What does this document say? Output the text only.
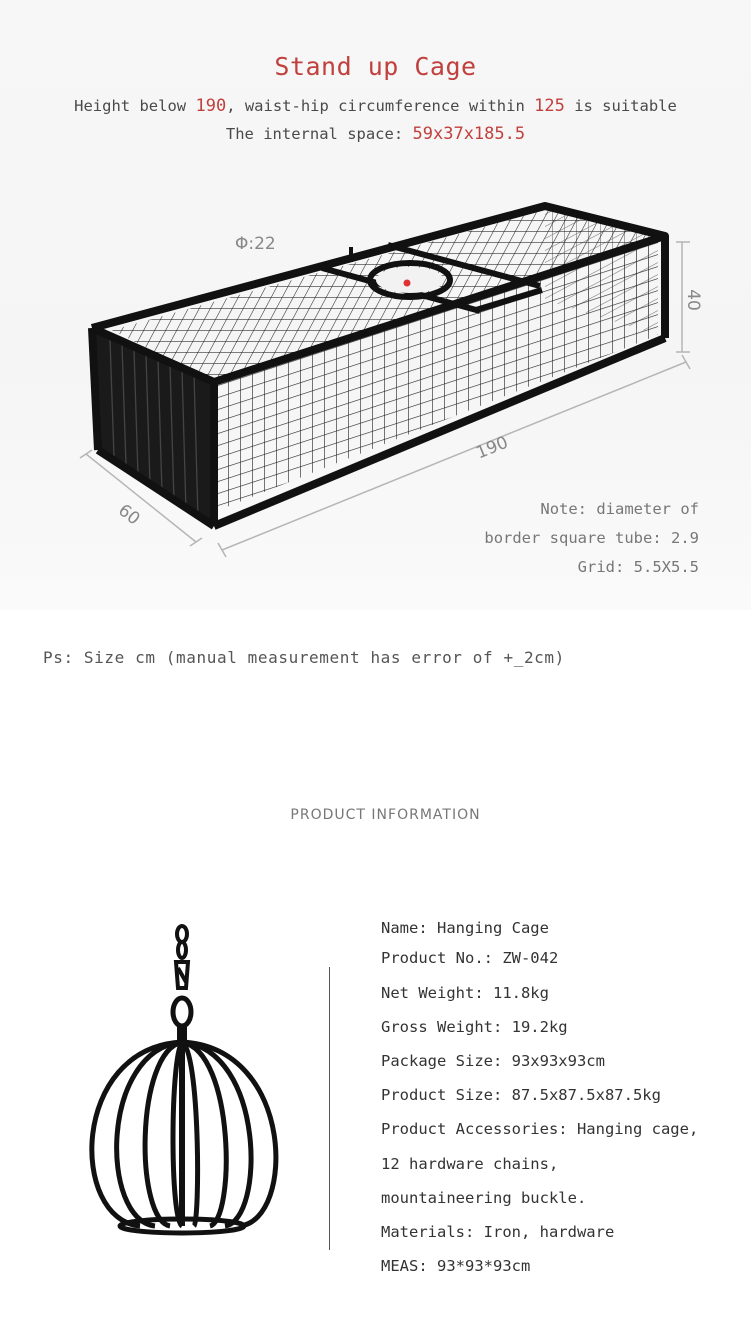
Stand up Cage
Height below 190, waist-hip circumference within 125 is suitable
The internal space: 59x37x185.5
Φ:22
190
60
40
Note: diameter of
border square tube: 2.9
Grid: 5.5X5.5
Ps: Size cm (manual measurement has error of +_2cm)
PRODUCT INFORMATION
Name: Hanging Cage
Product No.: ZW-042
Net Weight: 11.8kg
Gross Weight: 19.2kg
Package Size: 93x93x93cm
Product Size: 87.5x87.5x87.5kg
Product Accessories: Hanging cage,
12 hardware chains,
mountaineering buckle.
Materials: Iron, hardware
MEAS: 93*93*93cm
